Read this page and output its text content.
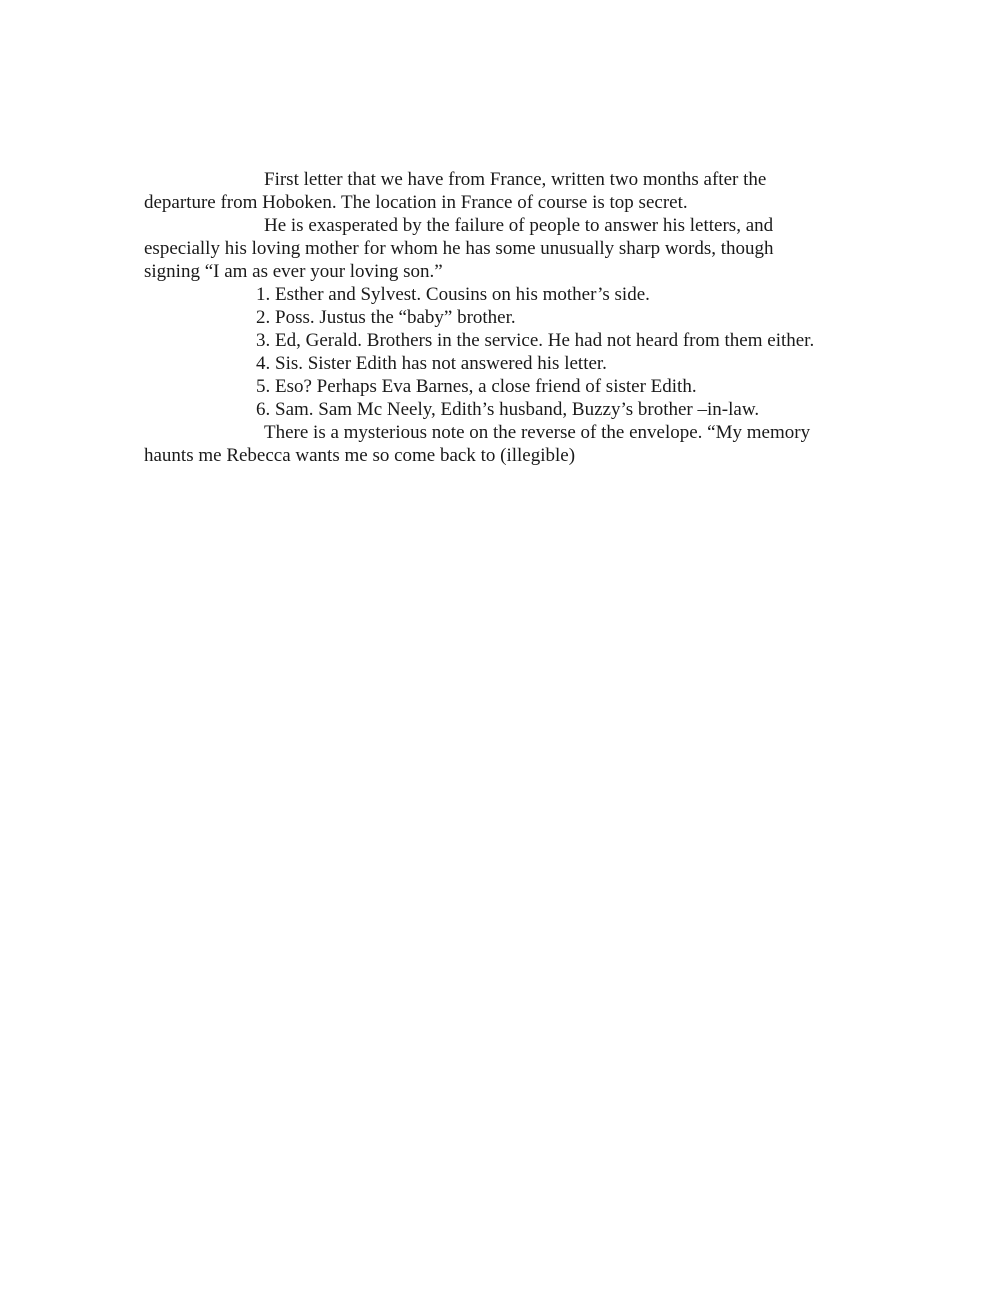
First letter that we have from France, written two months after the
departure from Hoboken. The location in France of course is top secret.
He is exasperated by the failure of people to answer his letters, and
especially his loving mother for whom he has some unusually sharp words, though
signing “I am as ever your loving son.”
1. Esther and Sylvest. Cousins on his mother’s side.
2. Poss. Justus the “baby” brother.
3. Ed, Gerald. Brothers in the service. He had not heard from them either.
4. Sis. Sister Edith has not answered his letter.
5. Eso? Perhaps Eva Barnes, a close friend of sister Edith.
6. Sam. Sam Mc Neely, Edith’s husband, Buzzy’s brother –in-law.
There is a mysterious note on the reverse of the envelope. “My memory
haunts me Rebecca wants me so come back to (illegible)
